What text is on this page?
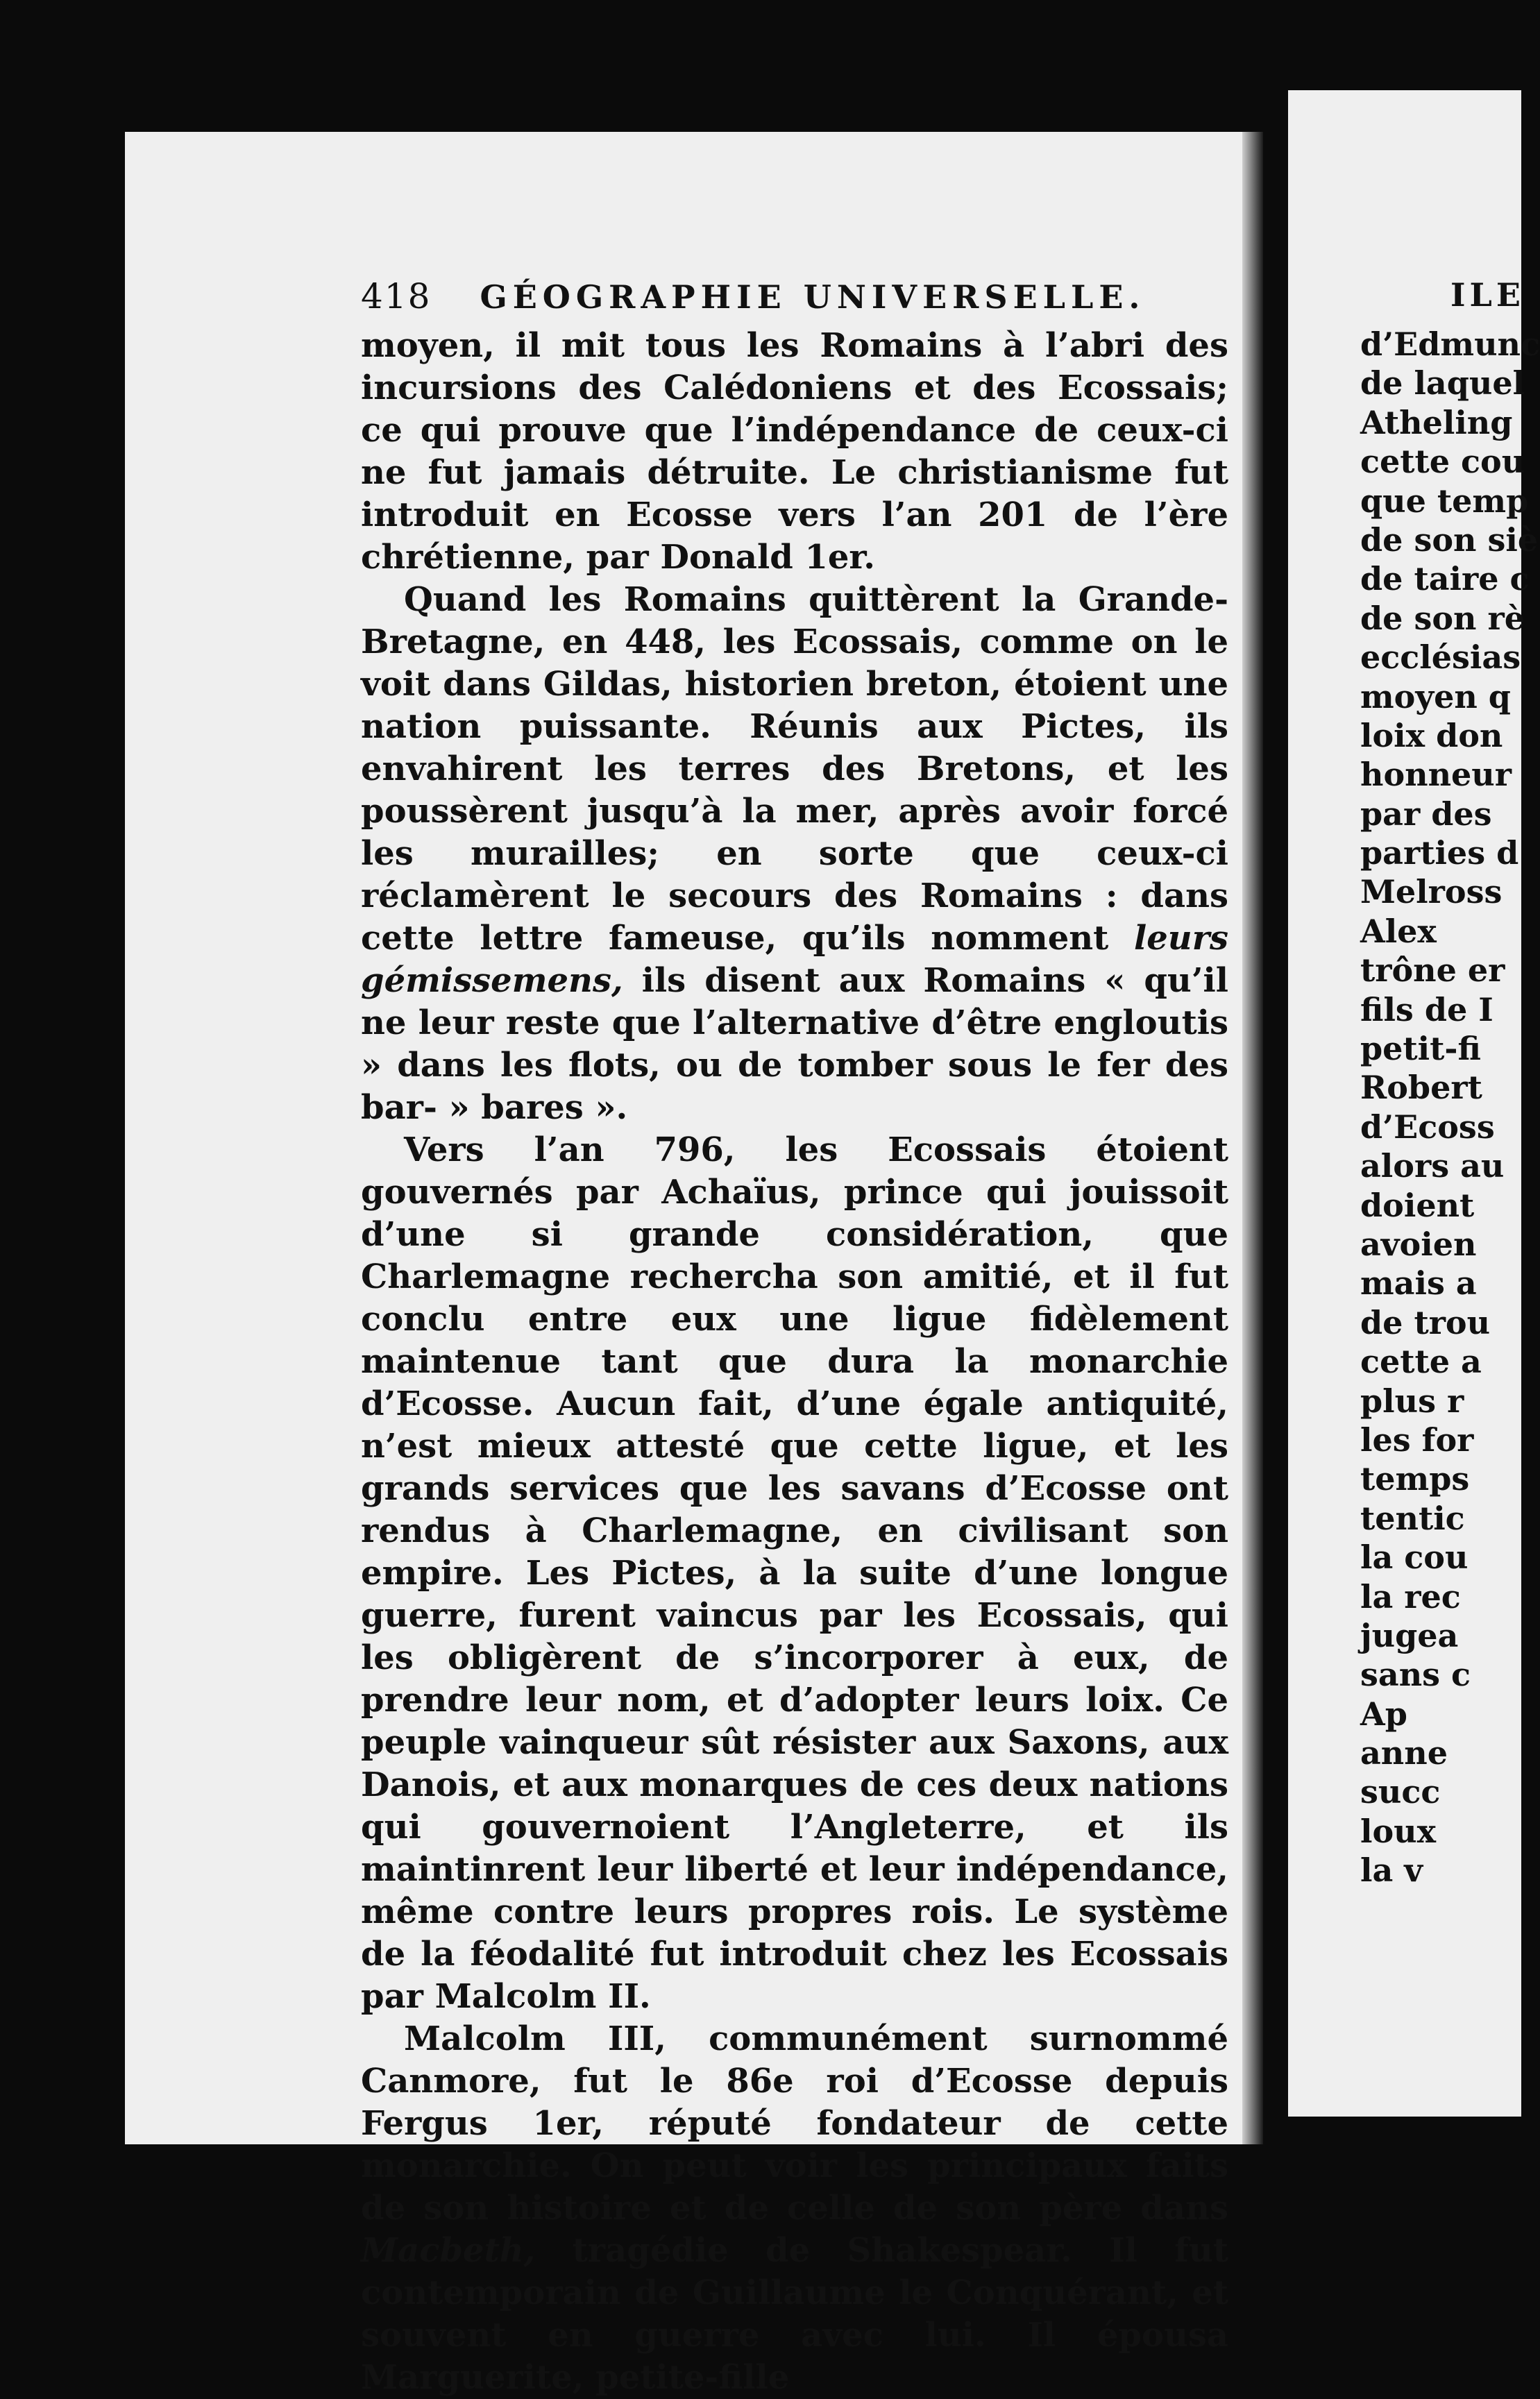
418 GÉOGRAPHIE UNIVERSELLE.

moyen, il mit tous les Romains à l’abri des incursions des Calédoniens et des Ecossais; ce qui prouve que l’indépendance de ceux-ci ne fut jamais détruite. Le christianisme fut introduit en Ecosse vers l’an 201 de l’ère chrétienne, par Donald 1er.

Quand les Romains quittèrent la Grande-Bretagne, en 448, les Ecossais, comme on le voit dans Gildas, historien breton, étoient une nation puissante. Réunis aux Pictes, ils envahirent les terres des Bretons, et les poussèrent jusqu’à la mer, après avoir forcé les murailles; en sorte que ceux-ci réclamèrent le secours des Romains : dans cette lettre fameuse, qu’ils nomment leurs gémissemens, ils disent aux Romains « qu’il ne leur reste que l’alternative d’être engloutis » dans les flots, ou de tomber sous le fer des bar- » bares ».

Vers l’an 796, les Ecossais étoient gouvernés par Achaïus, prince qui jouissoit d’une si grande considération, que Charlemagne rechercha son amitié, et il fut conclu entre eux une ligue fidèlement maintenue tant que dura la monarchie d’Ecosse. Aucun fait, d’une égale antiquité, n’est mieux attesté que cette ligue, et les grands services que les savans d’Ecosse ont rendus à Charlemagne, en civilisant son empire. Les Pictes, à la suite d’une longue guerre, furent vaincus par les Ecossais, qui les obligèrent de s’incorporer à eux, de prendre leur nom, et d’adopter leurs loix. Ce peuple vainqueur sût résister aux Saxons, aux Danois, et aux monarques de ces deux nations qui gouvernoient l’Angleterre, et ils maintinrent leur liberté et leur indépendance, même contre leurs propres rois. Le système de la féodalité fut introduit chez les Ecossais par Malcolm II.

Malcolm III, communément surnommé Canmore, fut le 86e roi d’Ecosse depuis Fergus 1er, réputé fondateur de cette monarchie. On peut voir les principaux faits de son histoire et de celle de son père dans Macbeth, tragédie de Shakespear. Il fut contemporain de Guillaume le Conquérant, et souvent en guerre avec lui. Il épousa Marguerite, petite-fille

ILE
d’Edmunc
de laquel
Atheling
cette cou
que temp
de son siè
de taire c
de son rè
ecclésias
moyen q
loix don
honneur
par des
parties d
Melross
Alex
trône er
fils de I
petit-fi
Robert
d’Ecoss
alors au
doient
avoien
mais a
de trou
cette a
plus r
les for
temps
tentic
la cou
la rec
jugea
sans c
Ap
anne
succ
loux
la v
